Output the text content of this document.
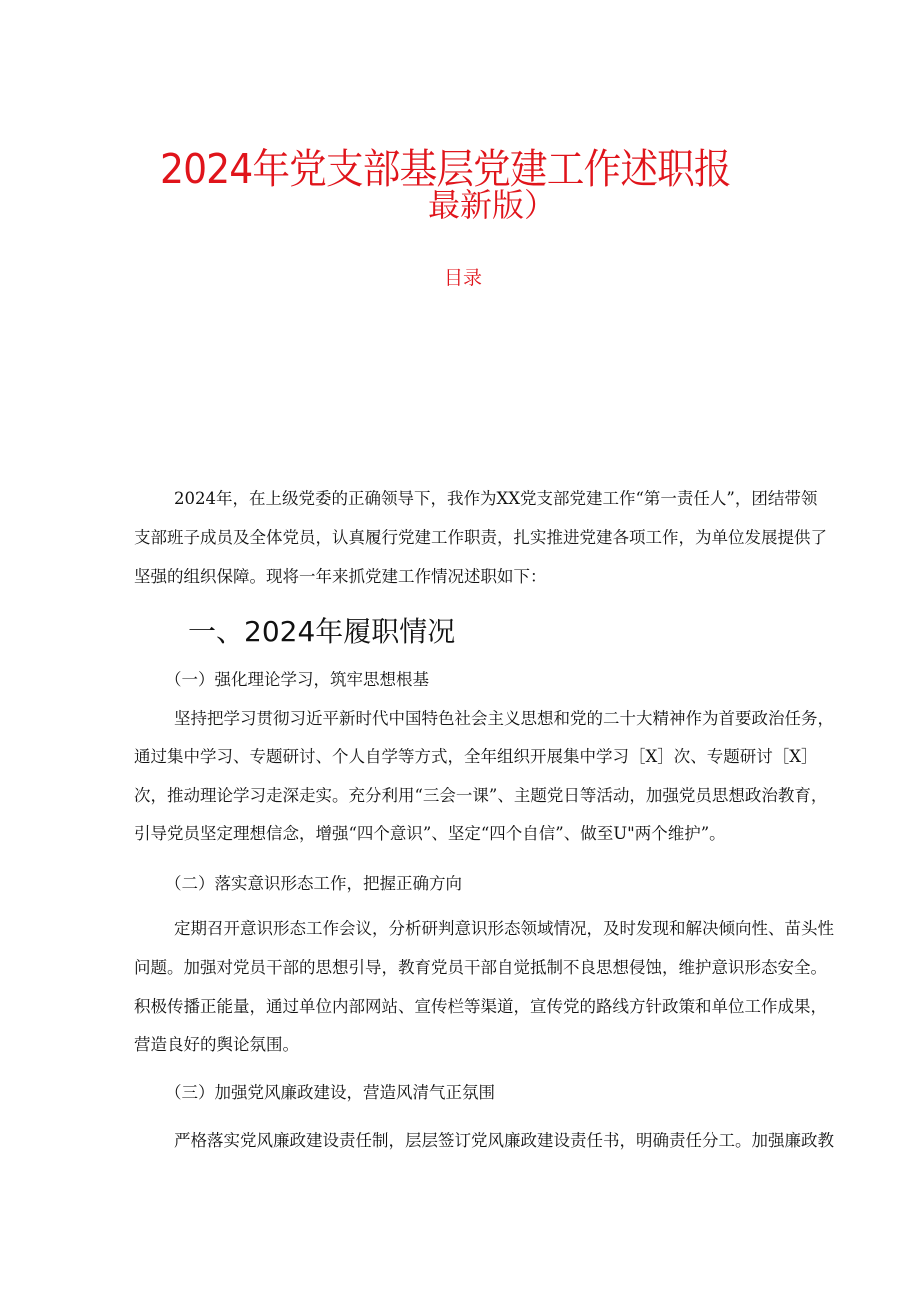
2024年党支部基层党建工作述职报
最新版）
目录
2024年，在上级党委的正确领导下，我作为XX党支部党建工作“第一责任人”，团结带领
支部班子成员及全体党员，认真履行党建工作职责，扎实推进党建各项工作，为单位发展提供了
坚强的组织保障。现将一年来抓党建工作情况述职如下：
一、2024年履职情况
（一）强化理论学习，筑牢思想根基
坚持把学习贯彻习近平新时代中国特色社会主义思想和党的二十大精神作为首要政治任务，
通过集中学习、专题研讨、个人自学等方式，全年组织开展集中学习［X］次、专题研讨［X］
次，推动理论学习走深走实。充分利用“三会一课”、主题党日等活动，加强党员思想政治教育，
引导党员坚定理想信念，增强“四个意识”、坚定“四个自信”、做至U"两个维护”。
（二）落实意识形态工作，把握正确方向
定期召开意识形态工作会议，分析研判意识形态领域情况，及时发现和解决倾向性、苗头性
问题。加强对党员干部的思想引导，教育党员干部自觉抵制不良思想侵蚀，维护意识形态安全。
积极传播正能量，通过单位内部网站、宣传栏等渠道，宣传党的路线方针政策和单位工作成果，
营造良好的舆论氛围。
（三）加强党风廉政建设，营造风清气正氛围
严格落实党风廉政建设责任制，层层签订党风廉政建设责任书，明确责任分工。加强廉政教
